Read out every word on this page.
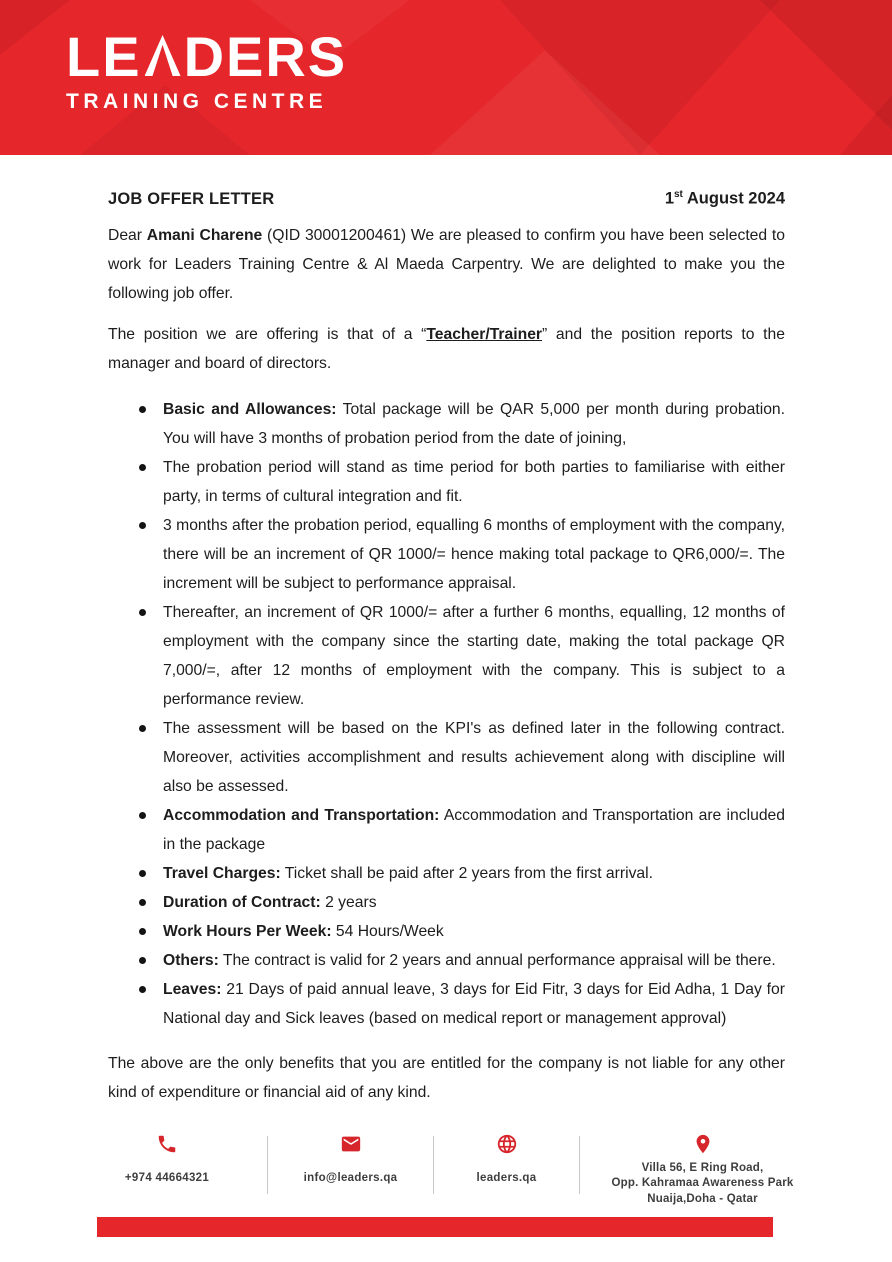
LE DERS
TRAINING CENTRE
JOB OFFER LETTER	1st August 2024

Dear Amani Charene (QID 30001200461) We are pleased to confirm you have been selected to work for Leaders Training Centre & Al Maeda Carpentry. We are delighted to make you the following job offer.

The position we are offering is that of a “Teacher/Trainer” and the position reports to the manager and board of directors.

Basic and Allowances: Total package will be QAR 5,000 per month during probation. You will have 3 months of probation period from the date of joining,
The probation period will stand as time period for both parties to familiarise with either party, in terms of cultural integration and fit.
3 months after the probation period, equalling 6 months of employment with the company, there will be an increment of QR 1000/= hence making total package to QR6,000/=. The increment will be subject to performance appraisal.
Thereafter, an increment of QR 1000/= after a further 6 months, equalling, 12 months of employment with the company since the starting date, making the total package QR 7,000/=, after 12 months of employment with the company. This is subject to a performance review.
The assessment will be based on the KPI's as defined later in the following contract. Moreover, activities accomplishment and results achievement along with discipline will also be assessed.
Accommodation and Transportation: Accommodation and Transportation are included in the package
Travel Charges: Ticket shall be paid after 2 years from the first arrival.
Duration of Contract: 2 years
Work Hours Per Week: 54 Hours/Week
Others: The contract is valid for 2 years and annual performance appraisal will be there.
Leaves: 21 Days of paid annual leave, 3 days for Eid Fitr, 3 days for Eid Adha, 1 Day for National day and Sick leaves (based on medical report or management approval)

The above are the only benefits that you are entitled for the company is not liable for any other kind of expenditure or financial aid of any kind.

+974 44664321	info@leaders.qa	leaders.qa
Villa 56, E Ring Road,
Opp. Kahramaa Awareness Park
Nuaija,Doha - Qatar
